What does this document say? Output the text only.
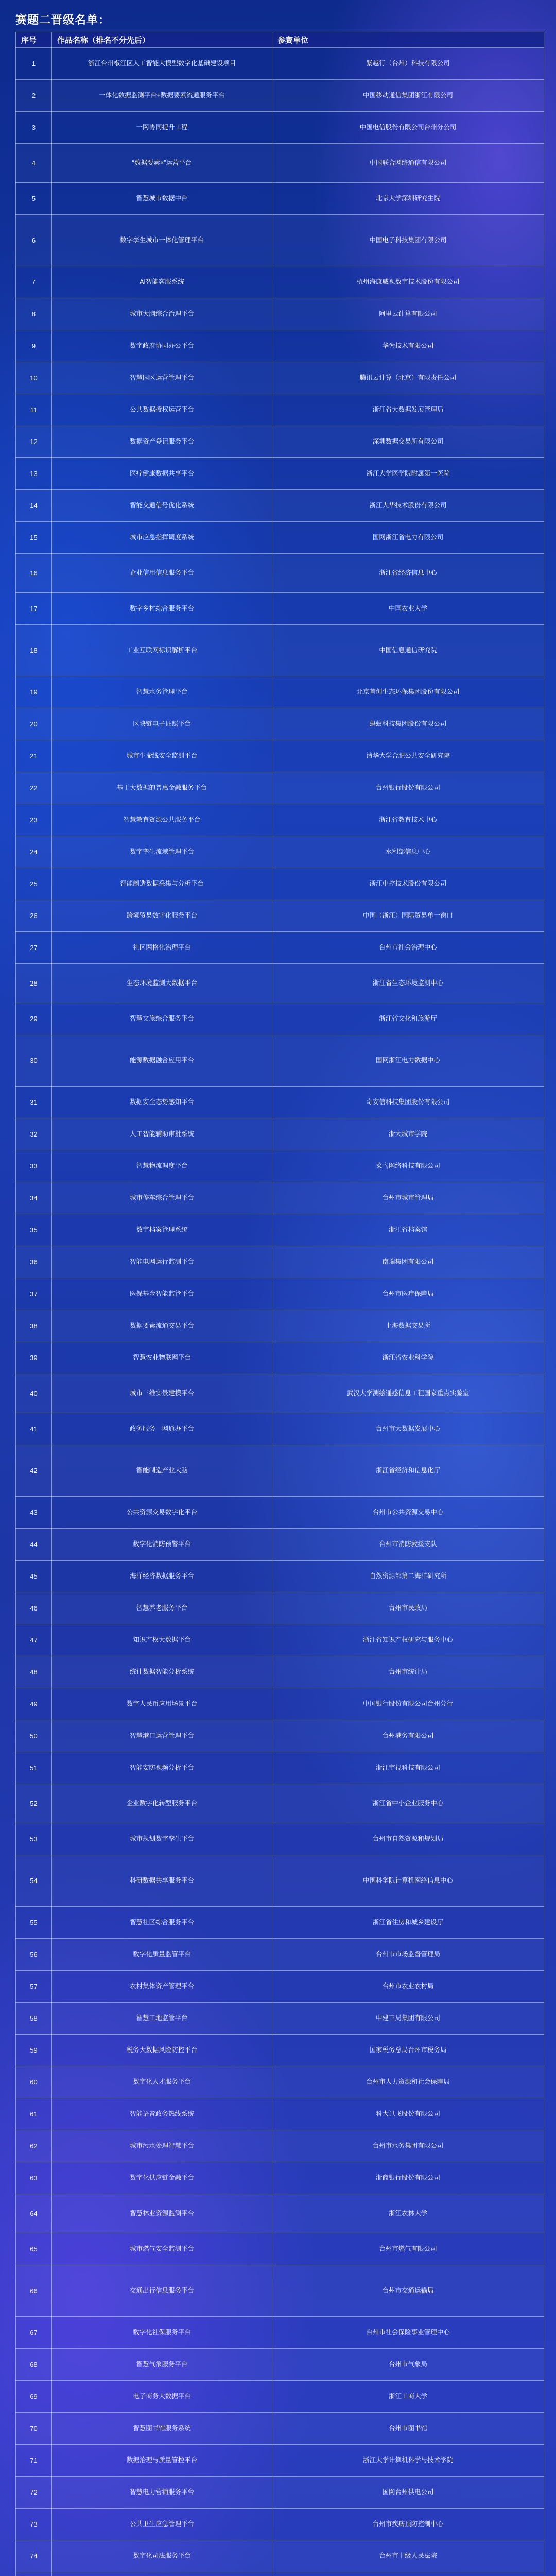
赛题二晋级名单：
序号	作品名称（排名不分先后）	参赛单位
1	浙江台州椒江区人工智能大模型数字化基础建设项目	紫越行（台州）科技有限公司
2	一体化数据监测平台+数据要素流通服务平台	中国移动通信集团浙江有限公司
3	一网协同提升工程	中国电信股份有限公司台州分公司
4	“数据要素×”运营平台	中国联合网络通信有限公司
5	智慧城市数据中台	北京大学深圳研究生院
6	数字孪生城市一体化管理平台	中国电子科技集团有限公司
7	AI智能客服系统	杭州海康威视数字技术股份有限公司
8	城市大脑综合治理平台	阿里云计算有限公司
9	数字政府协同办公平台	华为技术有限公司
10	智慧园区运营管理平台	腾讯云计算（北京）有限责任公司
11	公共数据授权运营平台	浙江省大数据发展管理局
12	数据资产登记服务平台	深圳数据交易所有限公司
13	医疗健康数据共享平台	浙江大学医学院附属第一医院
14	智能交通信号优化系统	浙江大华技术股份有限公司
15	城市应急指挥调度系统	国网浙江省电力有限公司
16	企业信用信息服务平台	浙江省经济信息中心
17	数字乡村综合服务平台	中国农业大学
18	工业互联网标识解析平台	中国信息通信研究院
19	智慧水务管理平台	北京首创生态环保集团股份有限公司
20	区块链电子证照平台	蚂蚁科技集团股份有限公司
21	城市生命线安全监测平台	清华大学合肥公共安全研究院
22	基于大数据的普惠金融服务平台	台州银行股份有限公司
23	智慧教育资源公共服务平台	浙江省教育技术中心
24	数字孪生流域管理平台	水利部信息中心
25	智能制造数据采集与分析平台	浙江中控技术股份有限公司
26	跨境贸易数字化服务平台	中国（浙江）国际贸易单一窗口
27	社区网格化治理平台	台州市社会治理中心
28	生态环境监测大数据平台	浙江省生态环境监测中心
29	智慧文旅综合服务平台	浙江省文化和旅游厅
30	能源数据融合应用平台	国网浙江电力数据中心
31	数据安全态势感知平台	奇安信科技集团股份有限公司
32	人工智能辅助审批系统	浙大城市学院
33	智慧物流调度平台	菜鸟网络科技有限公司
34	城市停车综合管理平台	台州市城市管理局
35	数字档案管理系统	浙江省档案馆
36	智能电网运行监测平台	南瑞集团有限公司
37	医保基金智能监管平台	台州市医疗保障局
38	数据要素流通交易平台	上海数据交易所
39	智慧农业物联网平台	浙江省农业科学院
40	城市三维实景建模平台	武汉大学测绘遥感信息工程国家重点实验室
41	政务服务一网通办平台	台州市大数据发展中心
42	智能制造产业大脑	浙江省经济和信息化厅
43	公共资源交易数字化平台	台州市公共资源交易中心
44	数字化消防预警平台	台州市消防救援支队
45	海洋经济数据服务平台	自然资源部第二海洋研究所
46	智慧养老服务平台	台州市民政局
47	知识产权大数据平台	浙江省知识产权研究与服务中心
48	统计数据智能分析系统	台州市统计局
49	数字人民币应用场景平台	中国银行股份有限公司台州分行
50	智慧港口运营管理平台	台州港务有限公司
51	智能安防视频分析平台	浙江宇视科技有限公司
52	企业数字化转型服务平台	浙江省中小企业服务中心
53	城市规划数字孪生平台	台州市自然资源和规划局
54	科研数据共享服务平台	中国科学院计算机网络信息中心
55	智慧社区综合服务平台	浙江省住房和城乡建设厅
56	数字化质量监管平台	台州市市场监督管理局
57	农村集体资产管理平台	台州市农业农村局
58	智慧工地监管平台	中建三局集团有限公司
59	税务大数据风险防控平台	国家税务总局台州市税务局
60	数字化人才服务平台	台州市人力资源和社会保障局
61	智能语音政务热线系统	科大讯飞股份有限公司
62	城市污水处理智慧平台	台州市水务集团有限公司
63	数字化供应链金融平台	浙商银行股份有限公司
64	智慧林业资源监测平台	浙江农林大学
65	城市燃气安全监测平台	台州市燃气有限公司
66	交通出行信息服务平台	台州市交通运输局
67	数字化社保服务平台	台州市社会保险事业管理中心
68	智慧气象服务平台	台州市气象局
69	电子商务大数据平台	浙江工商大学
70	智慧图书馆服务系统	台州市图书馆
71	数据治理与质量管控平台	浙江大学计算机科学与技术学院
72	智慧电力营销服务平台	国网台州供电公司
73	公共卫生应急管理平台	台州市疾病预防控制中心
74	数字化司法服务平台	台州市中级人民法院
